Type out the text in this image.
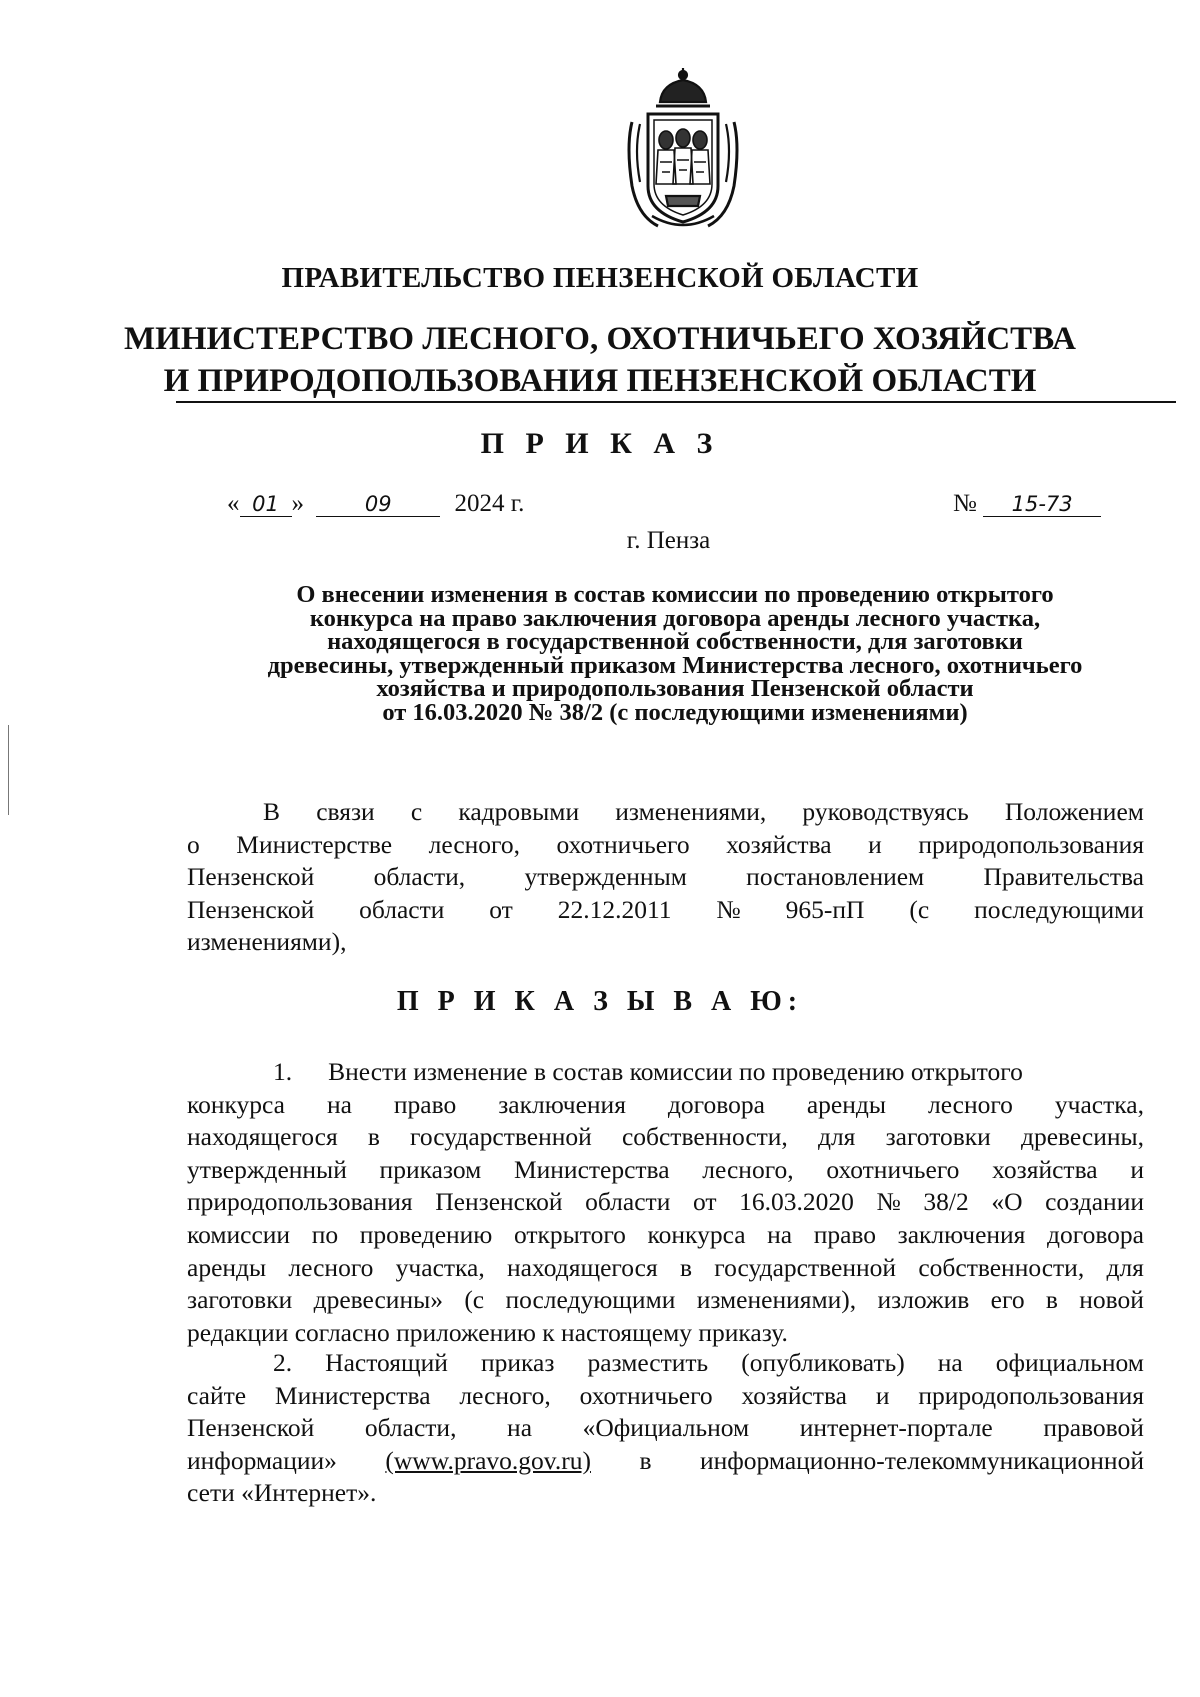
ПРАВИТЕЛЬСТВО ПЕНЗЕНСКОЙ ОБЛАСТИ
МИНИСТЕРСТВО ЛЕСНОГО, ОХОТНИЧЬЕГО ХОЗЯЙСТВА
И ПРИРОДОПОЛЬЗОВАНИЯ ПЕНЗЕНСКОЙ ОБЛАСТИ
П Р И К А З
« 01 »	09	2024 г.	№ 15-73
г. Пенза
О внесении изменения в состав комиссии по проведению открытого
конкурса на право заключения договора аренды лесного участка,
находящегося в государственной собственности, для заготовки
древесины, утвержденный приказом Министерства лесного, охотничьего
хозяйства и природопользования Пензенской области
от 16.03.2020 № 38/2 (с последующими изменениями)
В связи с кадровыми изменениями, руководствуясь Положением
о Министерстве лесного, охотничьего хозяйства и природопользования
Пензенской области, утвержденным постановлением Правительства
Пензенской области от 22.12.2011 № 965-пП (с последующими
изменениями),
П Р И К А З Ы В А Ю:
1. Внести изменение в состав комиссии по проведению открытого
конкурса на право заключения договора аренды лесного участка,
находящегося в государственной собственности, для заготовки древесины,
утвержденный приказом Министерства лесного, охотничьего хозяйства и
природопользования Пензенской области от 16.03.2020 № 38/2 «О создании
комиссии по проведению открытого конкурса на право заключения договора
аренды лесного участка, находящегося в государственной собственности, для
заготовки древесины» (с последующими изменениями), изложив его в новой
редакции согласно приложению к настоящему приказу.
2. Настоящий приказ разместить (опубликовать) на официальном
сайте Министерства лесного, охотничьего хозяйства и природопользования
Пензенской области, на «Официальном интернет-портале правовой
информации» (www.pravo.gov.ru) в информационно-телекоммуникационной
сети «Интернет».
